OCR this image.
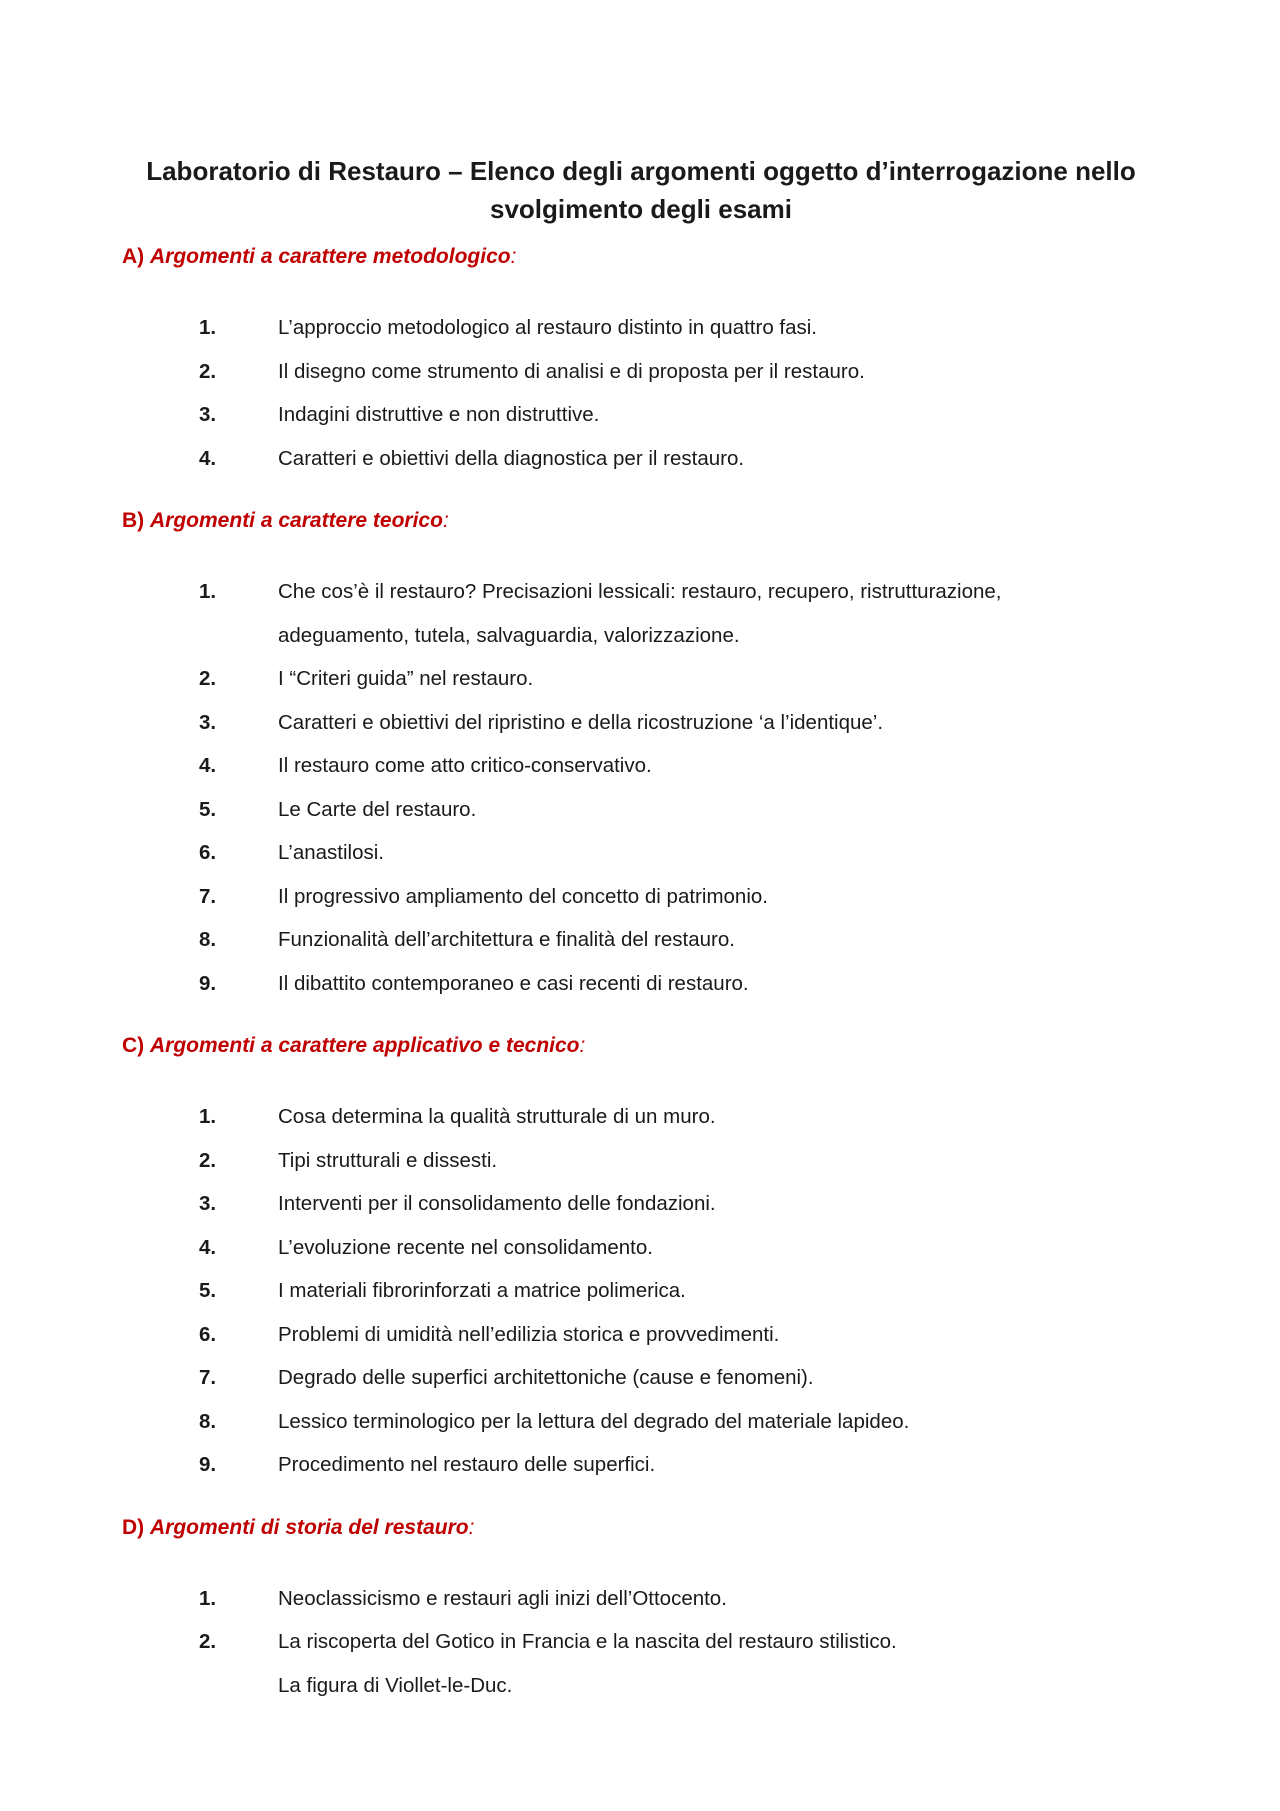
Laboratorio di Restauro – Elenco degli argomenti oggetto d’interrogazione nello
svolgimento degli esami
A) Argomenti a carattere metodologico:
1.	L’approccio metodologico al restauro distinto in quattro fasi.
2.	Il disegno come strumento di analisi e di proposta per il restauro.
3.	Indagini distruttive e non distruttive.
4.	Caratteri e obiettivi della diagnostica per il restauro.
B) Argomenti a carattere teorico:
1.	Che cos’è il restauro? Precisazioni lessicali: restauro, recupero, ristrutturazione,
adeguamento, tutela, salvaguardia, valorizzazione.
2.	I “Criteri guida” nel restauro.
3.	Caratteri e obiettivi del ripristino e della ricostruzione ‘a l’identique’.
4.	Il restauro come atto critico-conservativo.
5.	Le Carte del restauro.
6.	L’anastilosi.
7.	Il progressivo ampliamento del concetto di patrimonio.
8.	Funzionalità dell’architettura e finalità del restauro.
9.	Il dibattito contemporaneo e casi recenti di restauro.
C) Argomenti a carattere applicativo e tecnico:
1.	Cosa determina la qualità strutturale di un muro.
2.	Tipi strutturali e dissesti.
3.	Interventi per il consolidamento delle fondazioni.
4.	L’evoluzione recente nel consolidamento.
5.	I materiali fibrorinforzati a matrice polimerica.
6.	Problemi di umidità nell’edilizia storica e provvedimenti.
7.	Degrado delle superfici architettoniche (cause e fenomeni).
8.	Lessico terminologico per la lettura del degrado del materiale lapideo.
9.	Procedimento nel restauro delle superfici.
D) Argomenti di storia del restauro:
1.	Neoclassicismo e restauri agli inizi dell’Ottocento.
2.	La riscoperta del Gotico in Francia e la nascita del restauro stilistico.
La figura di Viollet-le-Duc.
